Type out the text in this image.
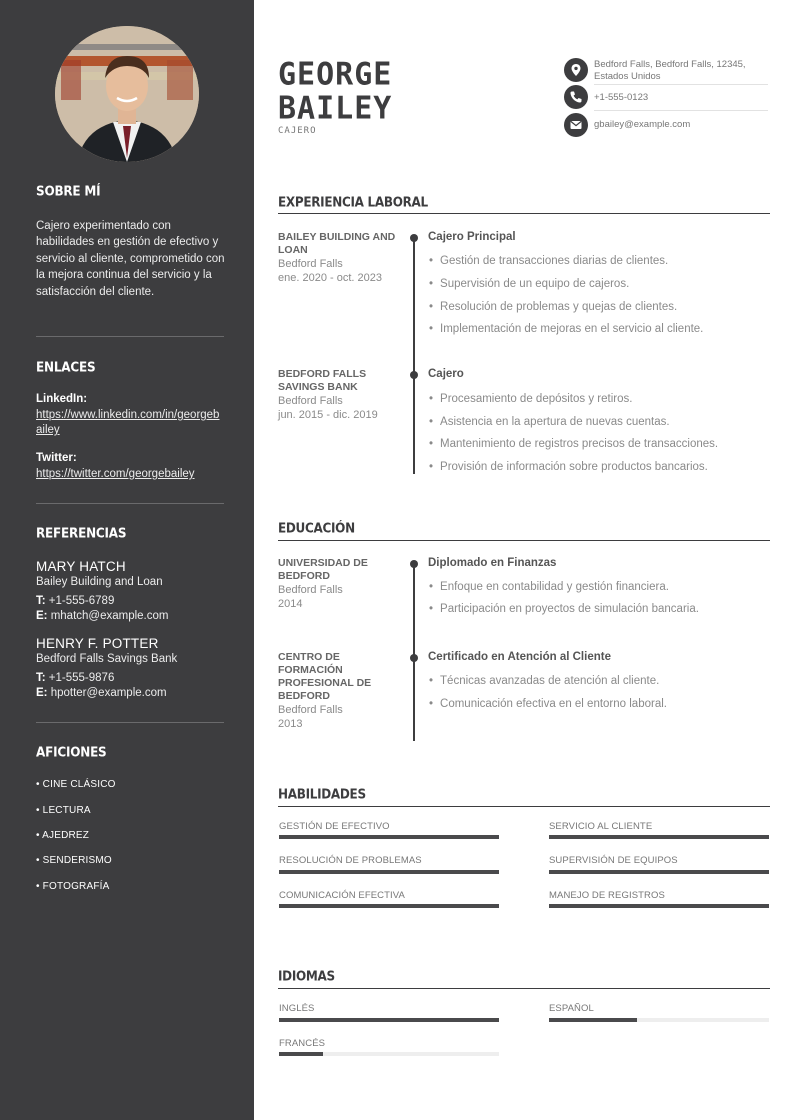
SOBRE MÍ
Cajero experimentado con habilidades en gestión de efectivo y servicio al cliente, comprometido con la mejora continua del servicio y la satisfacción del cliente.
ENLACES
LinkedIn:
https://www.linkedin.com/in/georgebailey
Twitter:
https://twitter.com/georgebailey
REFERENCIAS
MARY HATCH
Bailey Building and Loan
T: +1-555-6789
E: mhatch@example.com
HENRY F. POTTER
Bedford Falls Savings Bank
T: +1-555-9876
E: hpotter@example.com
AFICIONES
• CINE CLÁSICO
• LECTURA
• AJEDREZ
• SENDERISMO
• FOTOGRAFÍA
GEORGE
BAILEY
CAJERO
Bedford Falls, Bedford Falls, 12345,
Estados Unidos
+1-555-0123
gbailey@example.com
EXPERIENCIA LABORAL
BAILEY BUILDING AND LOAN
Bedford Falls
ene. 2020 - oct. 2023
Cajero Principal
• Gestión de transacciones diarias de clientes.
• Supervisión de un equipo de cajeros.
• Resolución de problemas y quejas de clientes.
• Implementación de mejoras en el servicio al cliente.
BEDFORD FALLS SAVINGS BANK
Bedford Falls
jun. 2015 - dic. 2019
Cajero
• Procesamiento de depósitos y retiros.
• Asistencia en la apertura de nuevas cuentas.
• Mantenimiento de registros precisos de transacciones.
• Provisión de información sobre productos bancarios.
EDUCACIÓN
UNIVERSIDAD DE BEDFORD
Bedford Falls
2014
Diplomado en Finanzas
• Enfoque en contabilidad y gestión financiera.
• Participación en proyectos de simulación bancaria.
CENTRO DE FORMACIÓN PROFESIONAL DE BEDFORD
Bedford Falls
2013
Certificado en Atención al Cliente
• Técnicas avanzadas de atención al cliente.
• Comunicación efectiva en el entorno laboral.
HABILIDADES
GESTIÓN DE EFECTIVO	SERVICIO AL CLIENTE
RESOLUCIÓN DE PROBLEMAS	SUPERVISIÓN DE EQUIPOS
COMUNICACIÓN EFECTIVA	MANEJO DE REGISTROS
IDIOMAS
INGLÉS	ESPAÑOL
FRANCÉS
